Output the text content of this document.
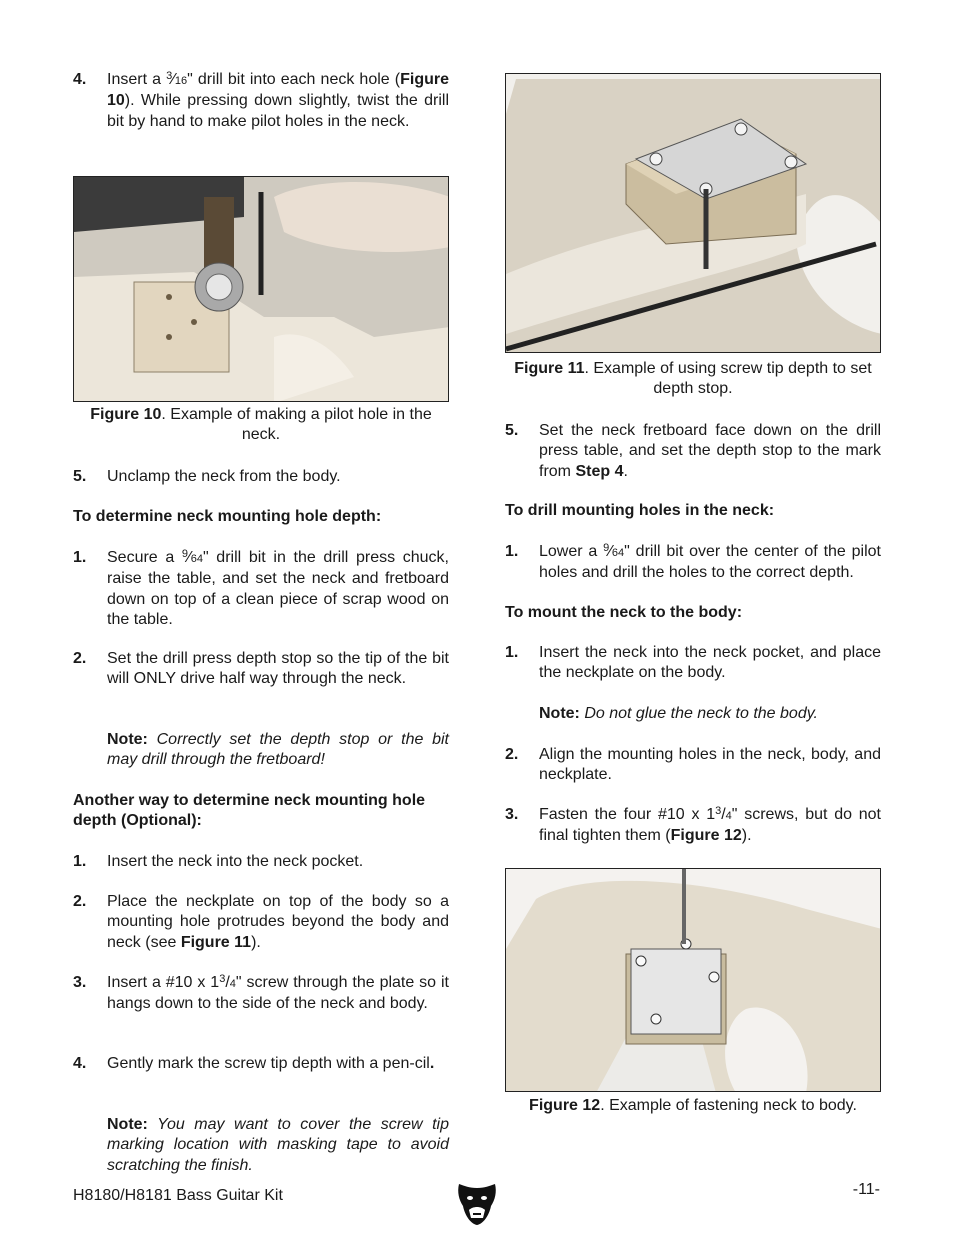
4. Insert a $^3$⁄16" drill bit into each neck hole (Figure 10). While pressing down slightly, twist the drill bit by hand to make pilot holes in the neck.
Figure 10. Example of making a pilot hole in the neck.
5. Unclamp the neck from the body.
To determine neck mounting hole depth:
1. Secure a $^9$⁄64" drill bit in the drill press chuck, raise the table, and set the neck and fretboard down on top of a clean piece of scrap wood on the table.
2. Set the drill press depth stop so the tip of the bit will ONLY drive half way through the neck.
Note: Correctly set the depth stop or the bit may drill through the fretboard!
Another way to determine neck mounting hole depth (Optional):
1. Insert the neck into the neck pocket.
2. Place the neckplate on top of the body so a mounting hole protrudes beyond the body and neck (see Figure 11).
3. Insert a #10 x $1^3/4$" screw through the plate so it hangs down to the side of the neck and body.
4. Gently mark the screw tip depth with a pen-cil.
Note: You may want to cover the screw tip marking location with masking tape to avoid scratching the finish.
Figure 11. Example of using screw tip depth to set depth stop.
5. Set the neck fretboard face down on the drill press table, and set the depth stop to the mark from Step 4.
To drill mounting holes in the neck:
1. Lower a $^9$⁄64" drill bit over the center of the pilot holes and drill the holes to the correct depth.
To mount the neck to the body:
1. Insert the neck into the neck pocket, and place the neckplate on the body.
Note: Do not glue the neck to the body.
2. Align the mounting holes in the neck, body, and neckplate.
3. Fasten the four #10 x $1^3/4$" screws, but do not final tighten them (Figure 12).
Figure 12. Example of fastening neck to body.
H8180/H8181 Bass Guitar Kit	-11-
